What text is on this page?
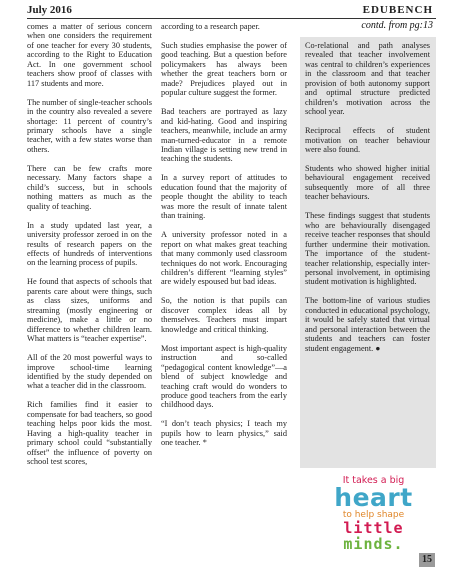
July 2016	EDUBENCH
contd. from pg:13

comes a matter of serious concern when one considers the requirement of one teacher for every 30 students, according to the Right to Education Act. In one government school teachers show proof of classes with 117 students and more.

The number of single-teacher schools in the country also revealed a severe shortage: 11 percent of country’s primary schools have a single teacher, with a few states worse than others.

There can be few crafts more necessary. Many factors shape a child’s success, but in schools nothing matters as much as the quality of teaching.

In a study updated last year, a university professor zeroed in on the results of research papers on the effects of hundreds of interventions on the learning process of pupils.

He found that aspects of schools that parents care about were things, such as class sizes, uniforms and streaming (mostly engineering or medicine), make a little or no difference to whether children learn. What matters is “teacher expertise”.

All of the 20 most powerful ways to improve school-time learning identified by the study depended on what a teacher did in the classroom.

Rich families find it easier to compensate for bad teachers, so good teaching helps poor kids the most. Having a high-quality teacher in primary school could “substantially offset” the influence of poverty on school test scores,

according to a research paper.

Such studies emphasise the power of good teaching. But a question before policymakers has always been whether the great teachers born or made? Prejudices played out in popular culture suggest the former.

Bad teachers are portrayed as lazy and kid-hating. Good and inspiring teachers, meanwhile, include an army man-turned-educator in a remote Indian village is setting new trend in teaching the students.

In a survey report of attitudes to education found that the majority of people thought the ability to teach was more the result of innate talent than training.

A university professor noted in a report on what makes great teaching that many commonly used classroom techniques do not work. Encouraging children’s different “learning styles” are widely espoused but bad ideas.

So, the notion is that pupils can discover complex ideas all by themselves. Teachers must impart knowledge and critical thinking.

Most important aspect is high-quality instruction and so-called “pedagogical content knowledge”—a blend of subject knowledge and teaching craft would do wonders to produce good teachers from the early childhood days.

“I don’t teach physics; I teach my pupils how to learn physics,” said one teacher. *

Co-relational and path analyses revealed that teacher involvement was central to children’s experiences in the classroom and that teacher provision of both autonomy support and optimal structure predicted children’s motivation across the school year.

Reciprocal effects of student motivation on teacher behaviour were also found.

Students who showed higher initial behavioural engagement received subsequently more of all three teacher behaviours.

These findings suggest that students who are behaviourally disengaged receive teacher responses that should further undermine their motivation. The importance of the student-teacher relationship, especially inter-personal involvement, in optimising student motivation is highlighted.

The bottom-line of various studies conducted in educational psychology, it would be safely stated that virtual and personal interaction between the students and teachers can foster student engagement. ●

It takes a big
heart
to help shape
little
minds.
15
